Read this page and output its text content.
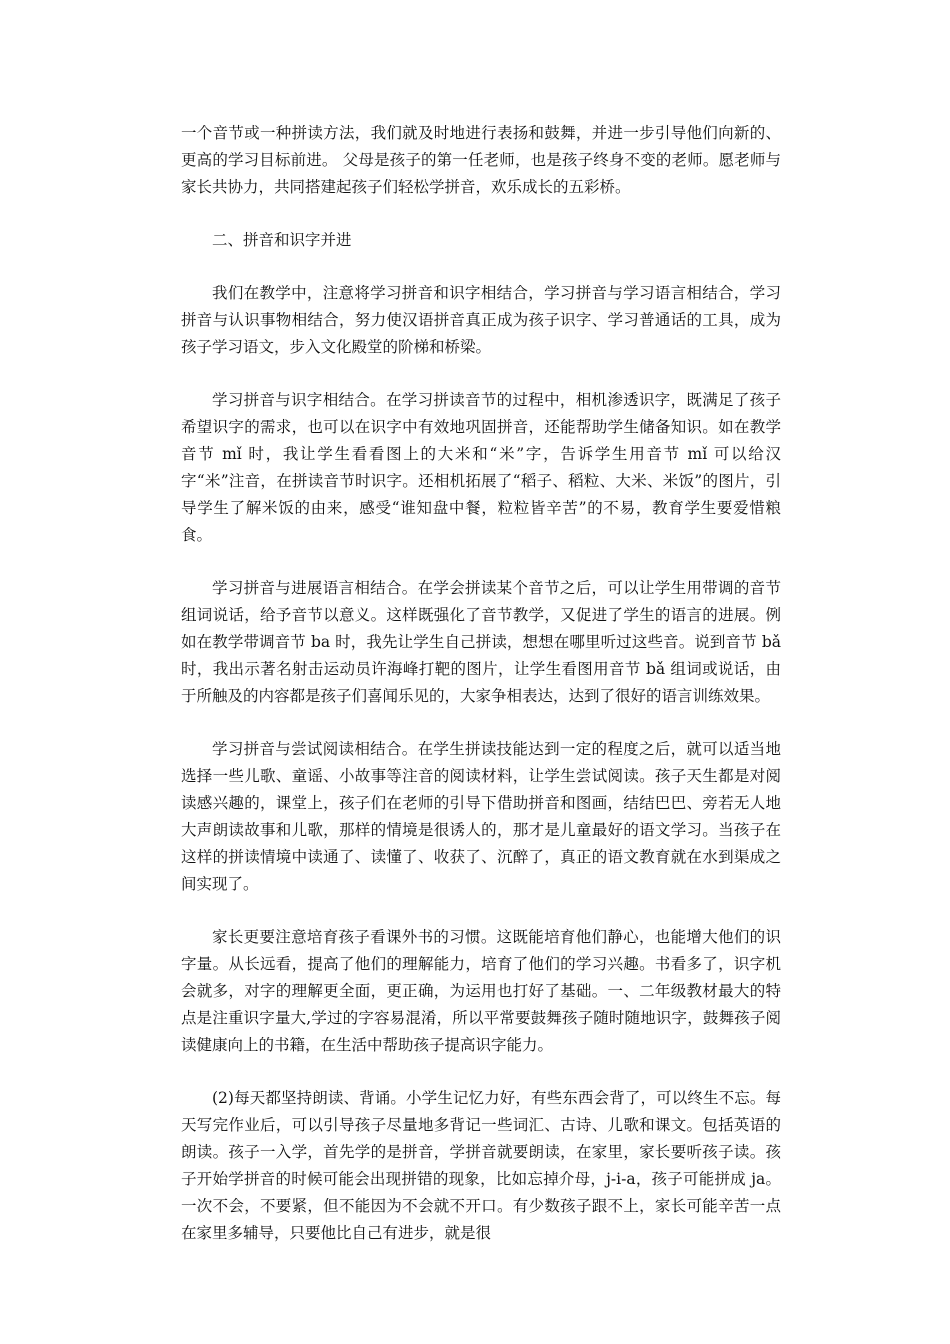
一个音节或一种拼读方法，我们就及时地进行表扬和鼓舞，并进一步引导他们向新的、更高的学习目标前进。 父母是孩子的第一任老师，也是孩子终身不变的老师。愿老师与家长共协力，共同搭建起孩子们轻松学拼音，欢乐成长的五彩桥。

二、拼音和识字并进

我们在教学中，注意将学习拼音和识字相结合，学习拼音与学习语言相结合，学习拼音与认识事物相结合，努力使汉语拼音真正成为孩子识字、学习普通话的工具，成为孩子学习语文，步入文化殿堂的阶梯和桥梁。

学习拼音与识字相结合。在学习拼读音节的过程中，相机渗透识字，既满足了孩子希望识字的需求，也可以在识字中有效地巩固拼音，还能帮助学生储备知识。如在教学音节 mǐ 时，我让学生看看图上的大米和“米”字，告诉学生用音节 mǐ 可以给汉字“米”注音，在拼读音节时识字。还相机拓展了“稻子、稻粒、大米、米饭”的图片，引导学生了解米饭的由来，感受“谁知盘中餐，粒粒皆辛苦”的不易，教育学生要爱惜粮食。

学习拼音与进展语言相结合。在学会拼读某个音节之后，可以让学生用带调的音节组词说话，给予音节以意义。这样既强化了音节教学，又促进了学生的语言的进展。例如在教学带调音节 ba 时，我先让学生自己拼读，想想在哪里听过这些音。说到音节 bǎ 时，我出示著名射击运动员许海峰打靶的图片，让学生看图用音节 bǎ 组词或说话，由于所触及的内容都是孩子们喜闻乐见的，大家争相表达，达到了很好的语言训练效果。

学习拼音与尝试阅读相结合。在学生拼读技能达到一定的程度之后，就可以适当地选择一些儿歌、童谣、小故事等注音的阅读材料，让学生尝试阅读。孩子天生都是对阅读感兴趣的，课堂上，孩子们在老师的引导下借助拼音和图画，结结巴巴、旁若无人地大声朗读故事和儿歌，那样的情境是很诱人的，那才是儿童最好的语文学习。当孩子在这样的拼读情境中读通了、读懂了、收获了、沉醉了，真正的语文教育就在水到渠成之间实现了。

家长更要注意培育孩子看课外书的习惯。这既能培育他们静心，也能增大他们的识字量。从长远看，提高了他们的理解能力，培育了他们的学习兴趣。书看多了，识字机会就多，对字的理解更全面，更正确，为运用也打好了基础。一、二年级教材最大的特点是注重识字量大,学过的字容易混淆，所以平常要鼓舞孩子随时随地识字，鼓舞孩子阅读健康向上的书籍，在生活中帮助孩子提高识字能力。

(2)每天都坚持朗读、背诵。小学生记忆力好，有些东西会背了，可以终生不忘。每天写完作业后，可以引导孩子尽量地多背记一些词汇、古诗、儿歌和课文。包括英语的朗读。孩子一入学，首先学的是拼音，学拼音就要朗读，在家里，家长要听孩子读。孩子开始学拼音的时候可能会出现拼错的现象，比如忘掉介母，j-i-a，孩子可能拼成 ja。一次不会，不要紧，但不能因为不会就不开口。有少数孩子跟不上，家长可能辛苦一点在家里多辅导，只要他比自己有进步，就是很
